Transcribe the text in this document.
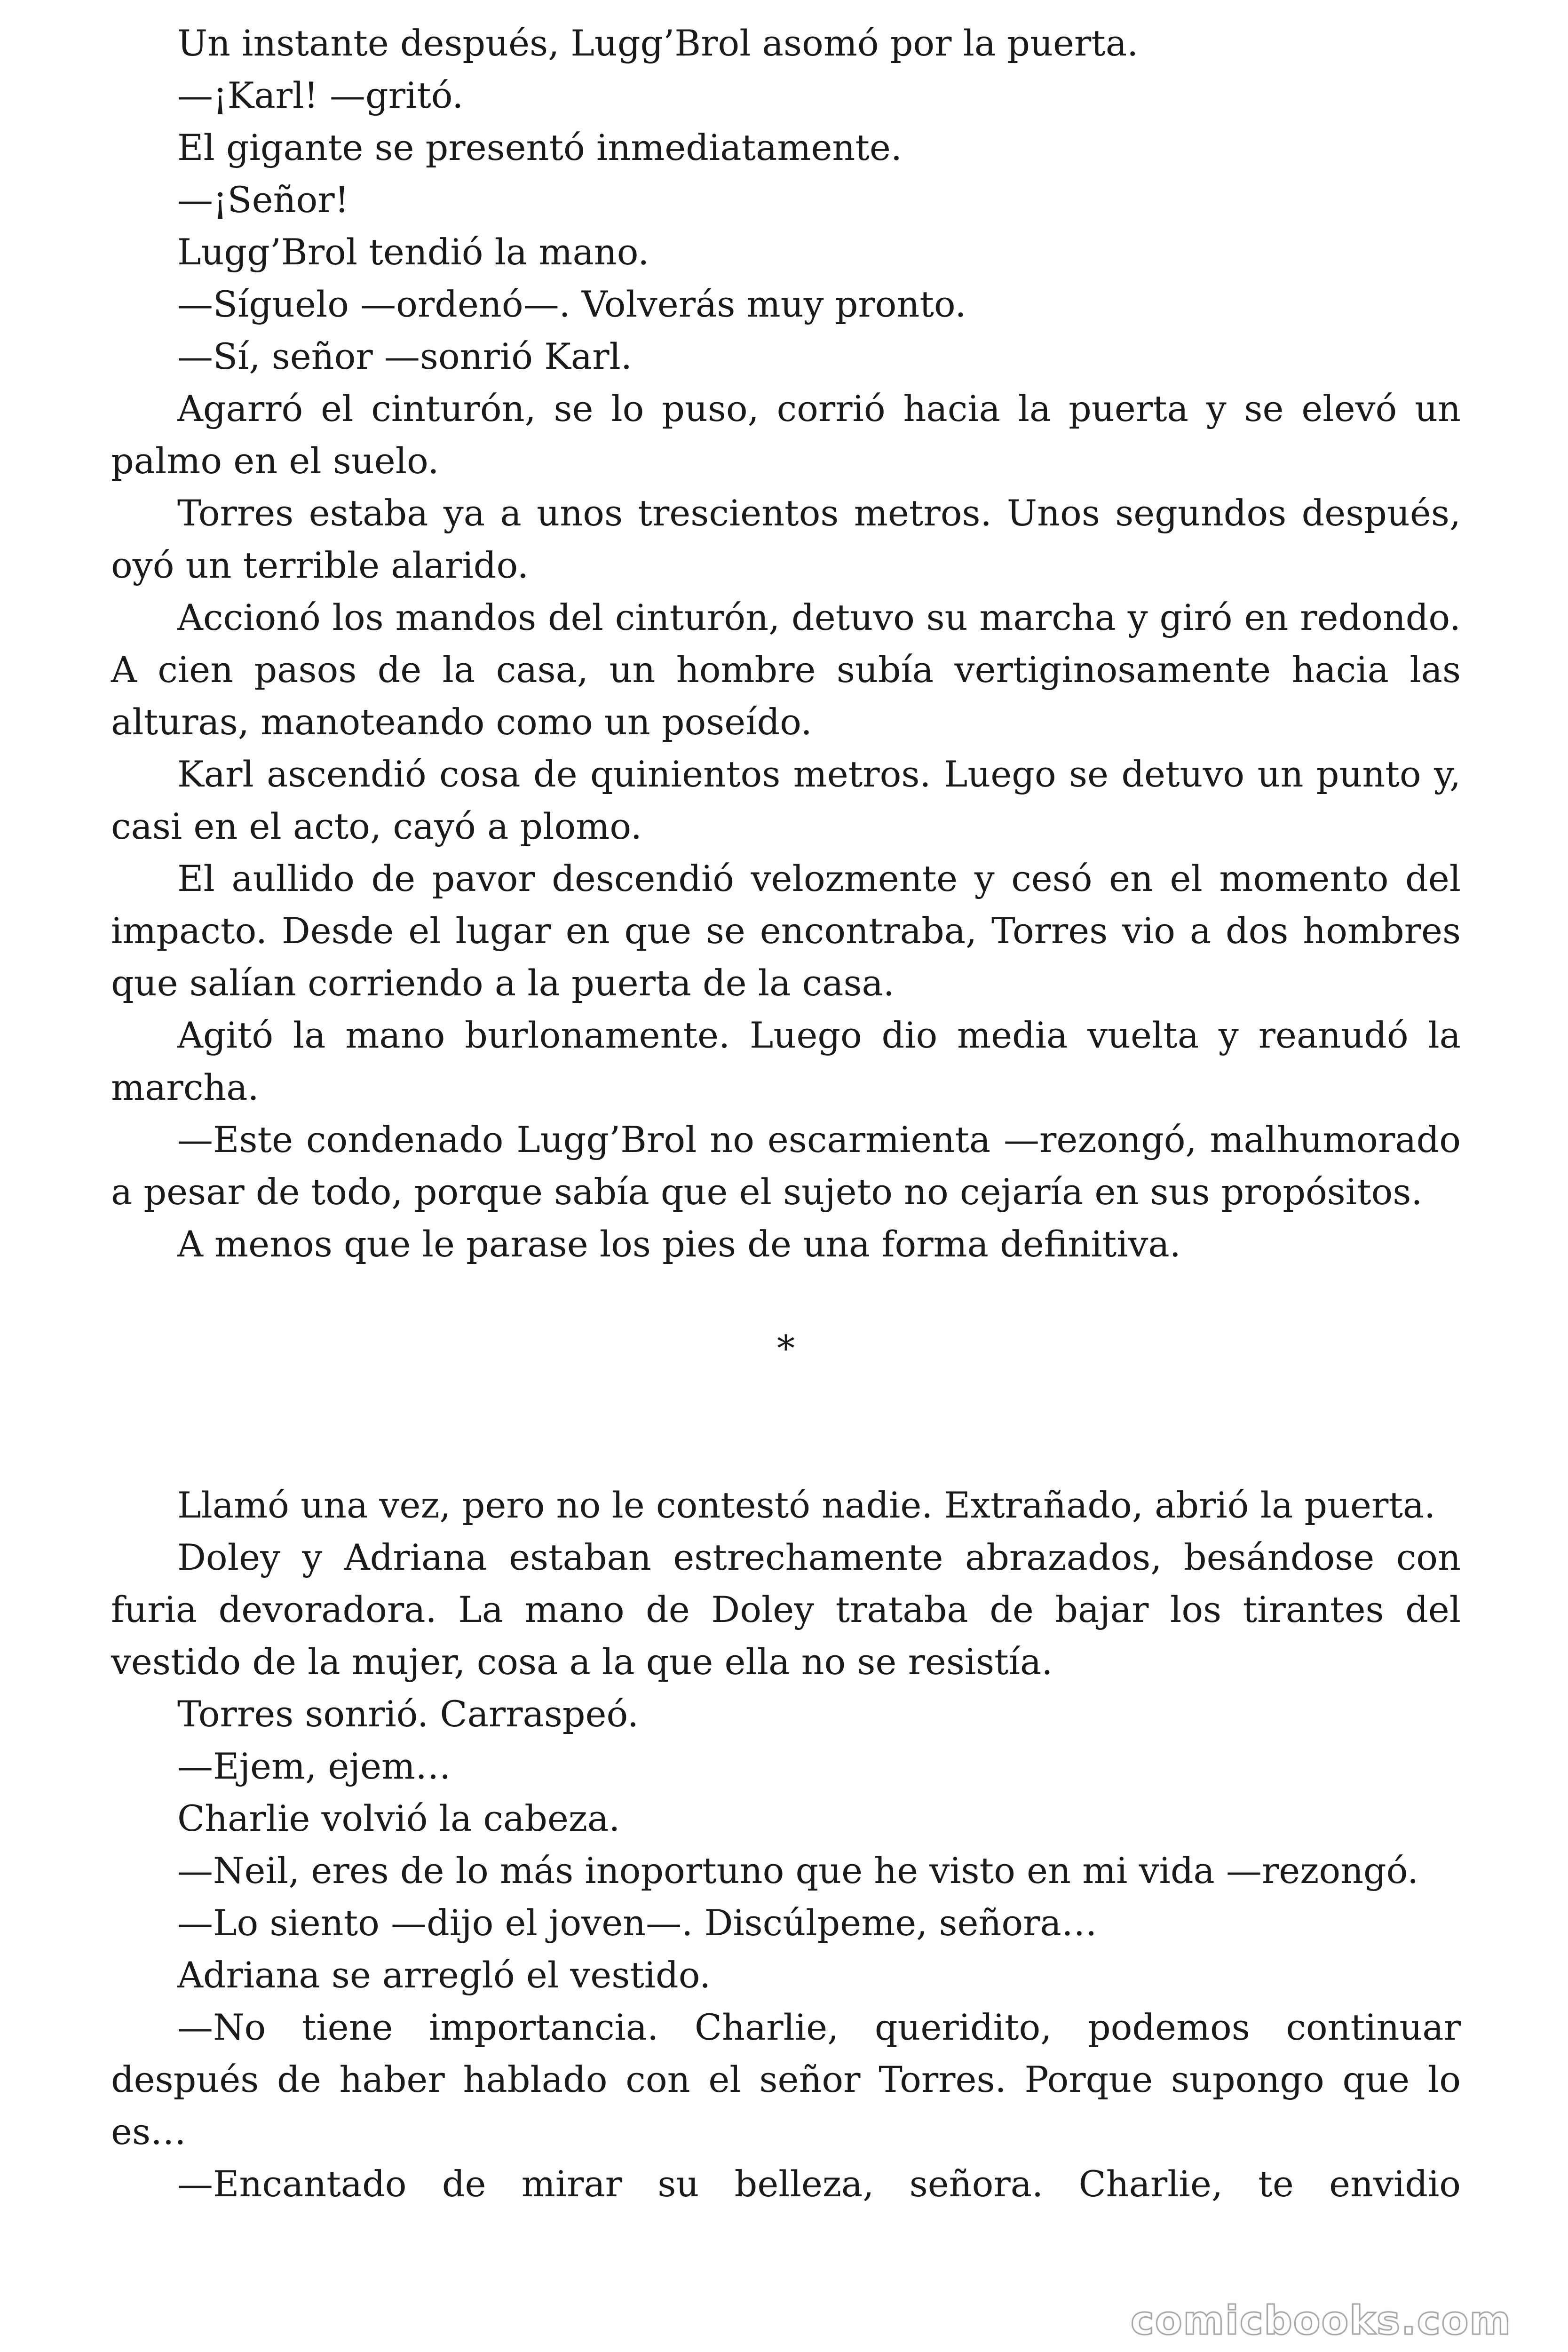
Un instante después, Lugg’Brol asomó por la puerta.

—¡Karl! —gritó.

El gigante se presentó inmediatamente.

—¡Señor!

Lugg’Brol tendió la mano.

—Síguelo —ordenó—. Volverás muy pronto.

—Sí, señor —sonrió Karl.

Agarró el cinturón, se lo puso, corrió hacia la puerta y se elevó un palmo en el suelo.

Torres estaba ya a unos trescientos metros. Unos segundos después, oyó un terrible alarido.

Accionó los mandos del cinturón, detuvo su marcha y giró en redondo. A cien pasos de la casa, un hombre subía vertiginosamente hacia las alturas, manoteando como un poseído.

Karl ascendió cosa de quinientos metros. Luego se detuvo un punto y, casi en el acto, cayó a plomo.

El aullido de pavor descendió velozmente y cesó en el momento del impacto. Desde el lugar en que se encontraba, Torres vio a dos hombres que salían corriendo a la puerta de la casa.

Agitó la mano burlonamente. Luego dio media vuelta y reanudó la marcha.

—Este condenado Lugg’Brol no escarmienta —rezongó, malhumorado a pesar de todo, porque sabía que el sujeto no cejaría en sus propósitos.

A menos que le parase los pies de una forma definitiva.

*

Llamó una vez, pero no le contestó nadie. Extrañado, abrió la puerta.

Doley y Adriana estaban estrechamente abrazados, besándose con furia devoradora. La mano de Doley trataba de bajar los tirantes del vestido de la mujer, cosa a la que ella no se resistía.

Torres sonrió. Carraspeó.

—Ejem, ejem…

Charlie volvió la cabeza.

—Neil, eres de lo más inoportuno que he visto en mi vida —rezongó.

—Lo siento —dijo el joven—. Discúlpeme, señora…

Adriana se arregló el vestido.

—No tiene importancia. Charlie, queridito, podemos continuar después de haber hablado con el señor Torres. Porque supongo que lo es…

—Encantado de mirar su belleza, señora. Charlie, te envidio

comicbooks.com
